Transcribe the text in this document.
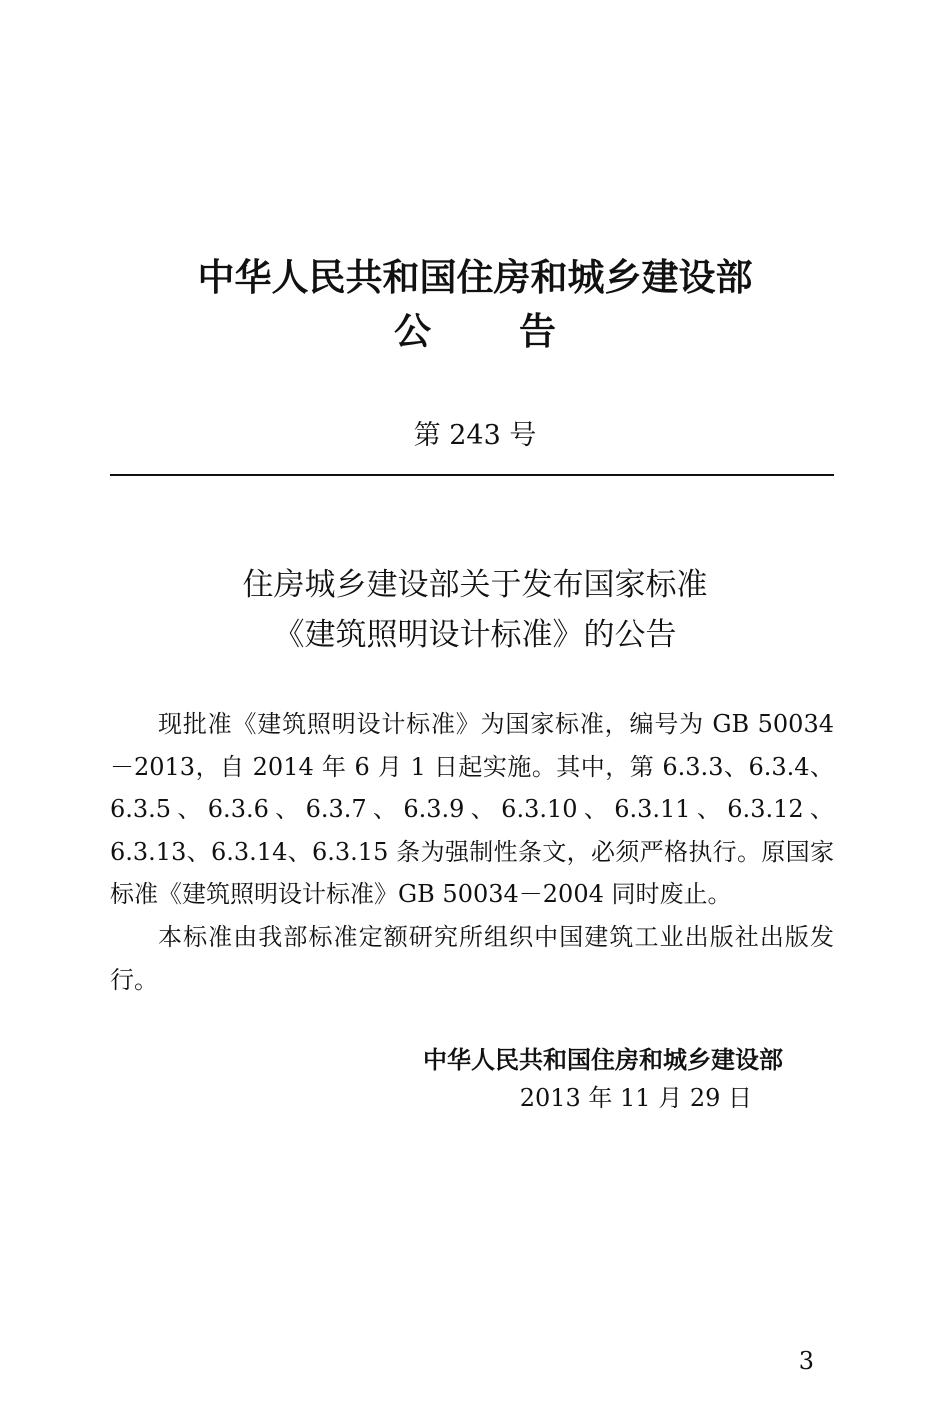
中华人民共和国住房和城乡建设部
公告
第 243 号
住房城乡建设部关于发布国家标准
《建筑照明设计标准》的公告

现批准《建筑照明设计标准》为国家标准，编号为 GB 50034－2013，自 2014 年 6 月 1 日起实施。其中，第 6.3.3、6.3.4、6.3.5、6.3.6、6.3.7、6.3.9、6.3.10、6.3.11、6.3.12、6.3.13、6.3.14、6.3.15 条为强制性条文，必须严格执行。原国家标准《建筑照明设计标准》GB 50034－2004 同时废止。

本标准由我部标准定额研究所组织中国建筑工业出版社出版发行。

中华人民共和国住房和城乡建设部
2013 年 11 月 29 日
3
